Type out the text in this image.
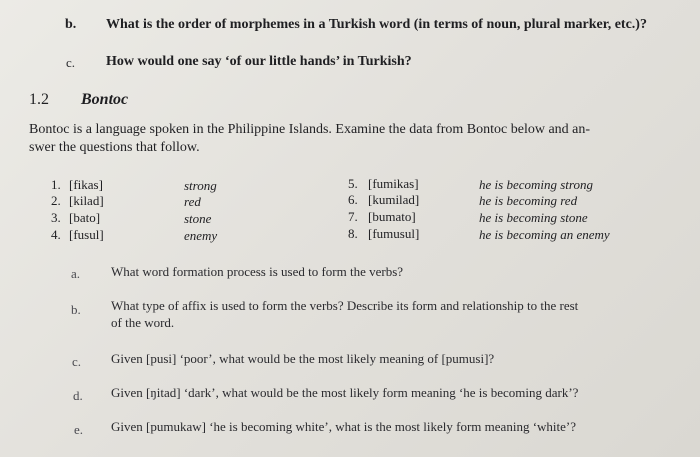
b. What is the order of morphemes in a Turkish word (in terms of noun, plural marker, etc.)?
c. How would one say ‘of our little hands’ in Turkish?
1.2 Bontoc
Bontoc is a language spoken in the Philippine Islands. Examine the data from Bontoc below and an-
swer the questions that follow.
1. [fikas]	strong
2. [kilad]	red
3. [bato]	stone
4. [fusul]	enemy
5. [fumikas]	he is becoming strong
6. [kumilad]	he is becoming red
7. [bumato]	he is becoming stone
8. [fumusul]	he is becoming an enemy
a. What word formation process is used to form the verbs?
b. What type of affix is used to form the verbs? Describe its form and relationship to the rest
of the word.
c. Given [pusi] ‘poor’, what would be the most likely meaning of [pumusi]?
d. Given [ŋitad] ‘dark’, what would be the most likely form meaning ‘he is becoming dark’?
e. Given [pumukaw] ‘he is becoming white’, what is the most likely form meaning ‘white’?
